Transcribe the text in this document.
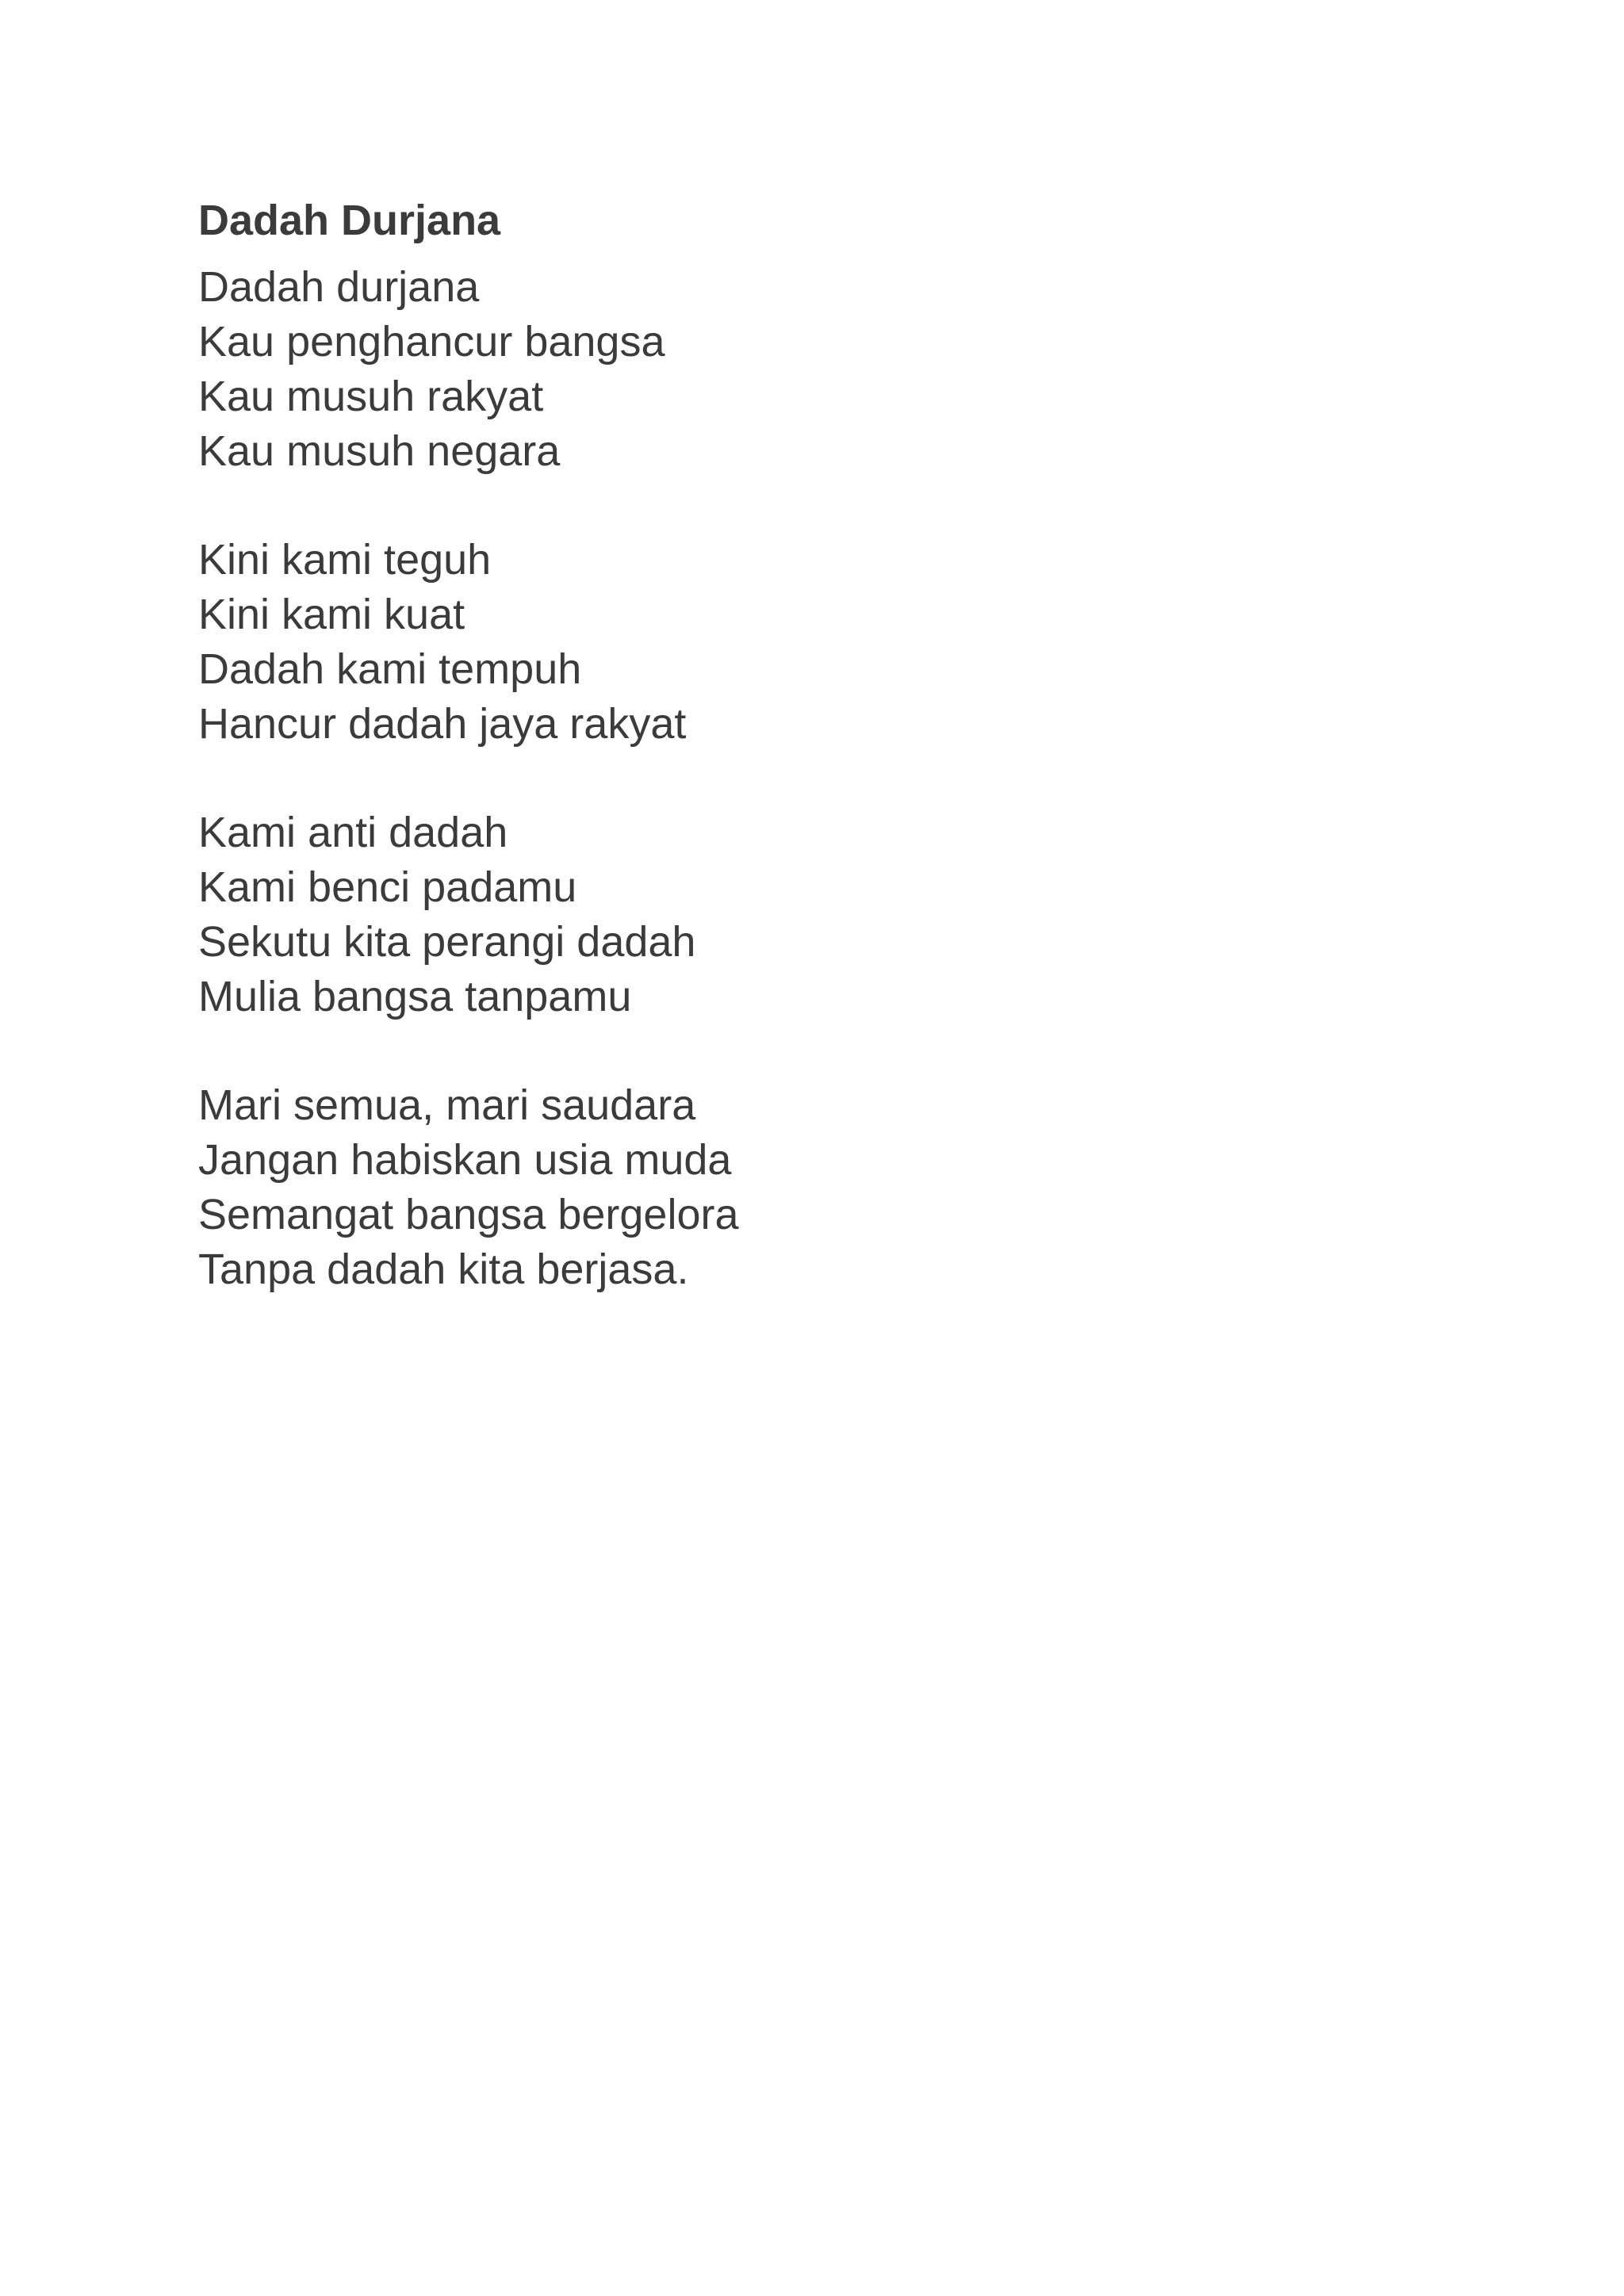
Dadah Durjana
Dadah durjana
Kau penghancur bangsa
Kau musuh rakyat
Kau musuh negara
Kini kami teguh
Kini kami kuat
Dadah kami tempuh
Hancur dadah jaya rakyat
Kami anti dadah
Kami benci padamu
Sekutu kita perangi dadah
Mulia bangsa tanpamu
Mari semua, mari saudara
Jangan habiskan usia muda
Semangat bangsa bergelora
Tanpa dadah kita berjasa.
